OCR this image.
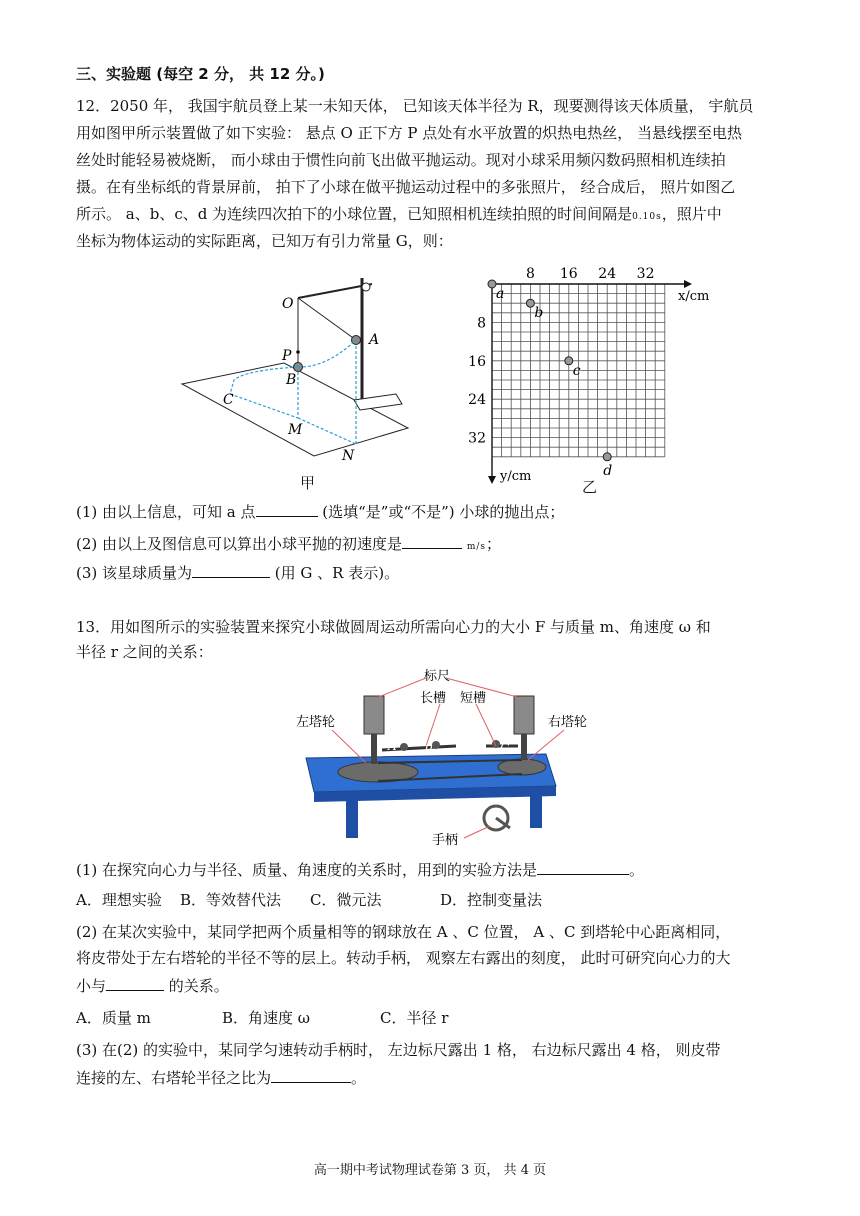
三、实验题 (每空 2 分， 共 12 分。)
12．2050 年， 我国宇航员登上某一未知天体， 已知该天体半径为 R，现要测得该天体质量， 宇航员
用如图甲所示装置做了如下实验： 悬点 O 正下方 P 点处有水平放置的炽热电热丝， 当悬线摆至电热
丝处时能轻易被烧断， 而小球由于惯性向前飞出做平抛运动。现对小球采用频闪数码照相机连续拍
摄。在有坐标纸的背景屏前， 拍下了小球在做平抛运动过程中的多张照片， 经合成后， 照片如图乙
所示。 a、b、c、d 为连续四次拍下的小球位置，已知照相机连续拍照的时间间隔是0.10s，照片中
坐标为物体运动的实际距离，已知万有引力常量 G，则：
O
A
P
B
C
M
N
甲
8 16 24 32
8
16
24
32
x/cm
y/cm
a
b
c
d
乙
(1) 由以上信息，可知 a 点	(选填“是”或“不是”) 小球的抛出点；
(2) 由以上及图信息可以算出小球平抛的初速度是	m/s；
(3) 该星球质量为	(用 G 、R 表示)。
13．用如图所示的实验装置来探究小球做圆周运动所需向心力的大小 F 与质量 m、角速度 ω 和
半径 r 之间的关系：
标尺
长槽 短槽
左塔轮	右塔轮
手柄
A B	C
(1) 在探究向心力与半径、质量、角速度的关系时，用到的实验方法是	。
A．理想实验 B．等效替代法 C．微元法	D．控制变量法
(2) 在某次实验中，某同学把两个质量相等的钢球放在 A 、C 位置， A 、C 到塔轮中心距离相同，
将皮带处于左右塔轮的半径不等的层上。转动手柄， 观察左右露出的刻度， 此时可研究向心力的大
小与	的关系。
A．质量 m	B．角速度 ω	C．半径 r
(3) 在(2) 的实验中，某同学匀速转动手柄时， 左边标尺露出 1 格， 右边标尺露出 4 格， 则皮带
连接的左、右塔轮半径之比为	。
高一期中考试物理试卷第 3 页， 共 4 页
